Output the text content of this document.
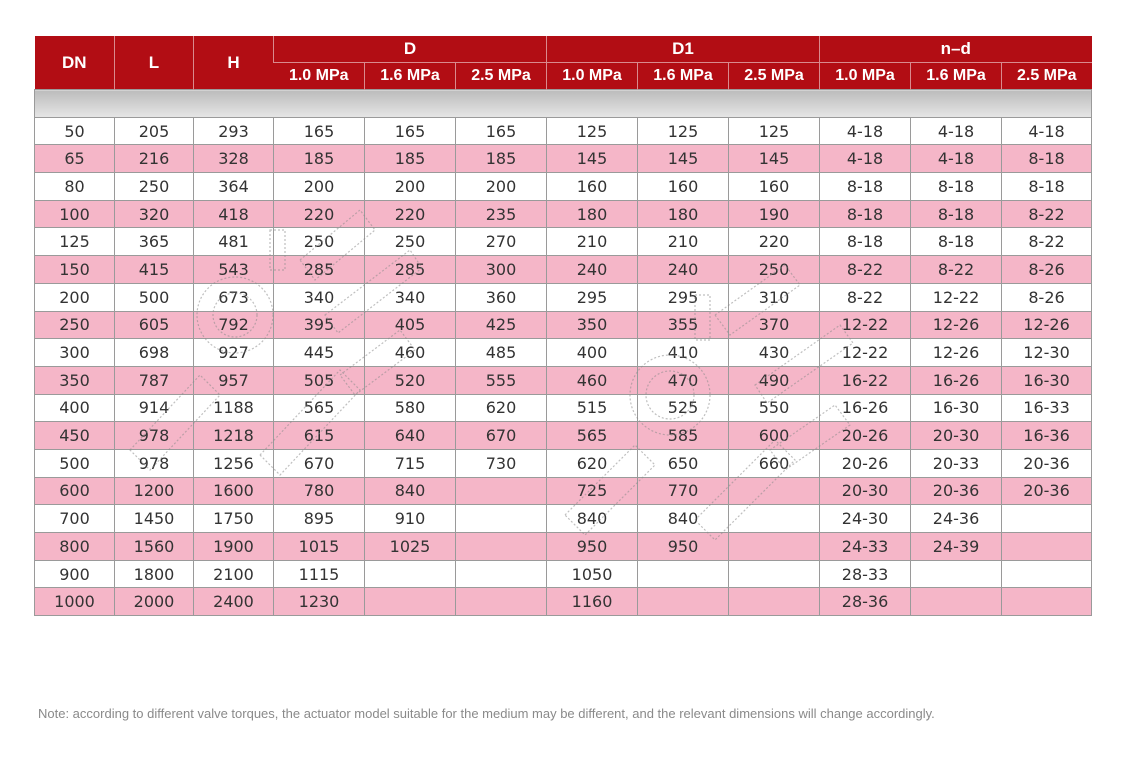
DN	L	H	D			D1			n–d		
			1.0 MPa	1.6 MPa	2.5 MPa	1.0 MPa	1.6 MPa	2.5 MPa	1.0 MPa	1.6 MPa	2.5 MPa

50	205	293	165	165	165	125	125	125	4-18	4-18	4-18
65	216	328	185	185	185	145	145	145	4-18	4-18	8-18
80	250	364	200	200	200	160	160	160	8-18	8-18	8-18
100	320	418	220	220	235	180	180	190	8-18	8-18	8-22
125	365	481	250	250	270	210	210	220	8-18	8-18	8-22
150	415	543	285	285	300	240	240	250	8-22	8-22	8-26
200	500	673	340	340	360	295	295	310	8-22	12-22	8-26
250	605	792	395	405	425	350	355	370	12-22	12-26	12-26
300	698	927	445	460	485	400	410	430	12-22	12-26	12-30
350	787	957	505	520	555	460	470	490	16-22	16-26	16-30
400	914	1188	565	580	620	515	525	550	16-26	16-30	16-33
450	978	1218	615	640	670	565	585	600	20-26	20-30	16-36
500	978	1256	670	715	730	620	650	660	20-26	20-33	20-36
600	1200	1600	780	840		725	770		20-30	20-36	20-36
700	1450	1750	895	910		840	840		24-30	24-36	
800	1560	1900	1015	1025		950	950		24-33	24-39	
900	1800	2100	1115			1050			28-33		
1000	2000	2400	1230			1160			28-36		
Note: according to different valve torques, the actuator model suitable for the medium may be different, and the relevant dimensions will change accordingly.
